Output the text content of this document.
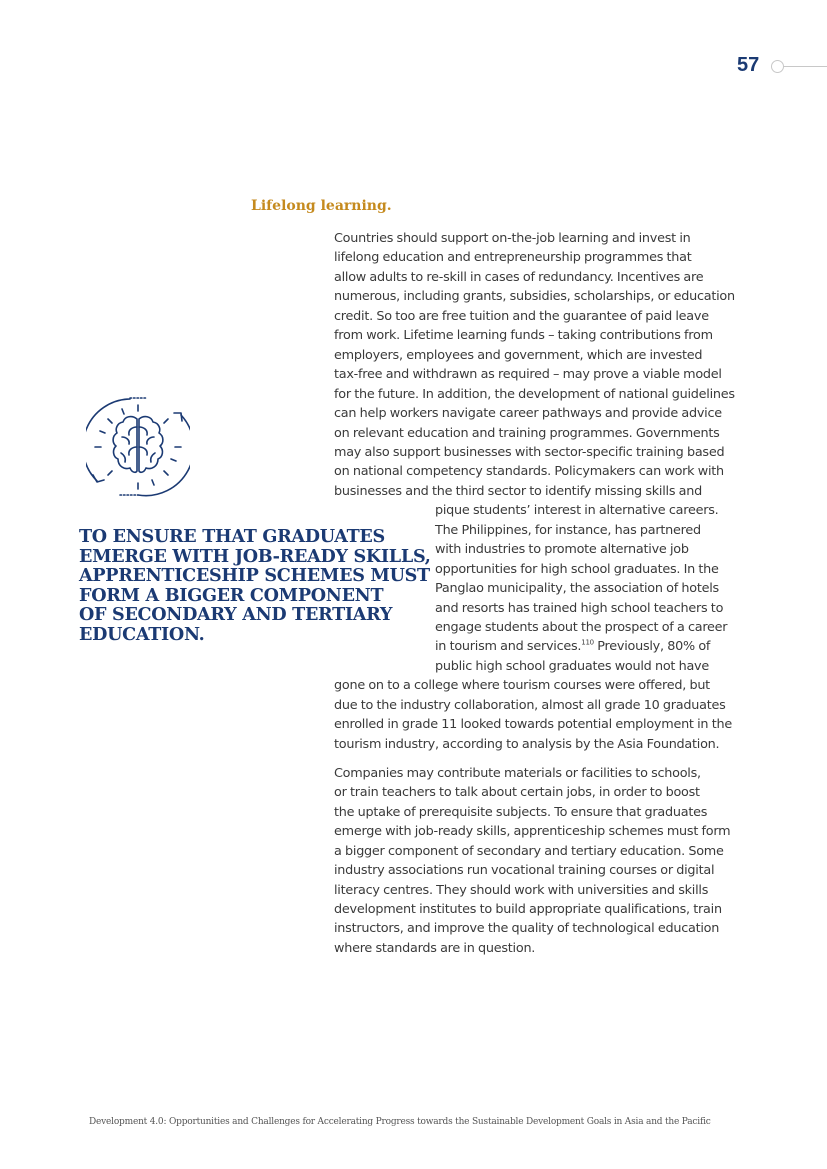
57
Lifelong learning.
Countries should support on-the-job learning and invest in
lifelong education and entrepreneurship programmes that
allow adults to re-skill in cases of redundancy. Incentives are
numerous, including grants, subsidies, scholarships, or education
credit. So too are free tuition and the guarantee of paid leave
from work. Lifetime learning funds – taking contributions from
employers, employees and government, which are invested
tax-free and withdrawn as required – may prove a viable model
for the future. In addition, the development of national guidelines
can help workers navigate career pathways and provide advice
on relevant education and training programmes. Governments
may also support businesses with sector-specific training based
on national competency standards. Policymakers can work with
businesses and the third sector to identify missing skills and
pique students’ interest in alternative careers.
The Philippines, for instance, has partnered
with industries to promote alternative job
opportunities for high school graduates. In the
Panglao municipality, the association of hotels
and resorts has trained high school teachers to
engage students about the prospect of a career
in tourism and services.$^{110}$ Previously, 80% of
public high school graduates would not have
gone on to a college where tourism courses were offered, but
due to the industry collaboration, almost all grade 10 graduates
enrolled in grade 11 looked towards potential employment in the
tourism industry, according to analysis by the Asia Foundation.
Companies may contribute materials or facilities to schools,
or train teachers to talk about certain jobs, in order to boost
the uptake of prerequisite subjects. To ensure that graduates
emerge with job-ready skills, apprenticeship schemes must form
a bigger component of secondary and tertiary education. Some
industry associations run vocational training courses or digital
literacy centres. They should work with universities and skills
development institutes to build appropriate qualifications, train
instructors, and improve the quality of technological education
where standards are in question.
TO ENSURE THAT GRADUATES
EMERGE WITH JOB-READY SKILLS,
APPRENTICESHIP SCHEMES MUST
FORM A BIGGER COMPONENT
OF SECONDARY AND TERTIARY
EDUCATION.
Development 4.0: Opportunities and Challenges for Accelerating Progress towards the Sustainable Development Goals in Asia and the Pacific
